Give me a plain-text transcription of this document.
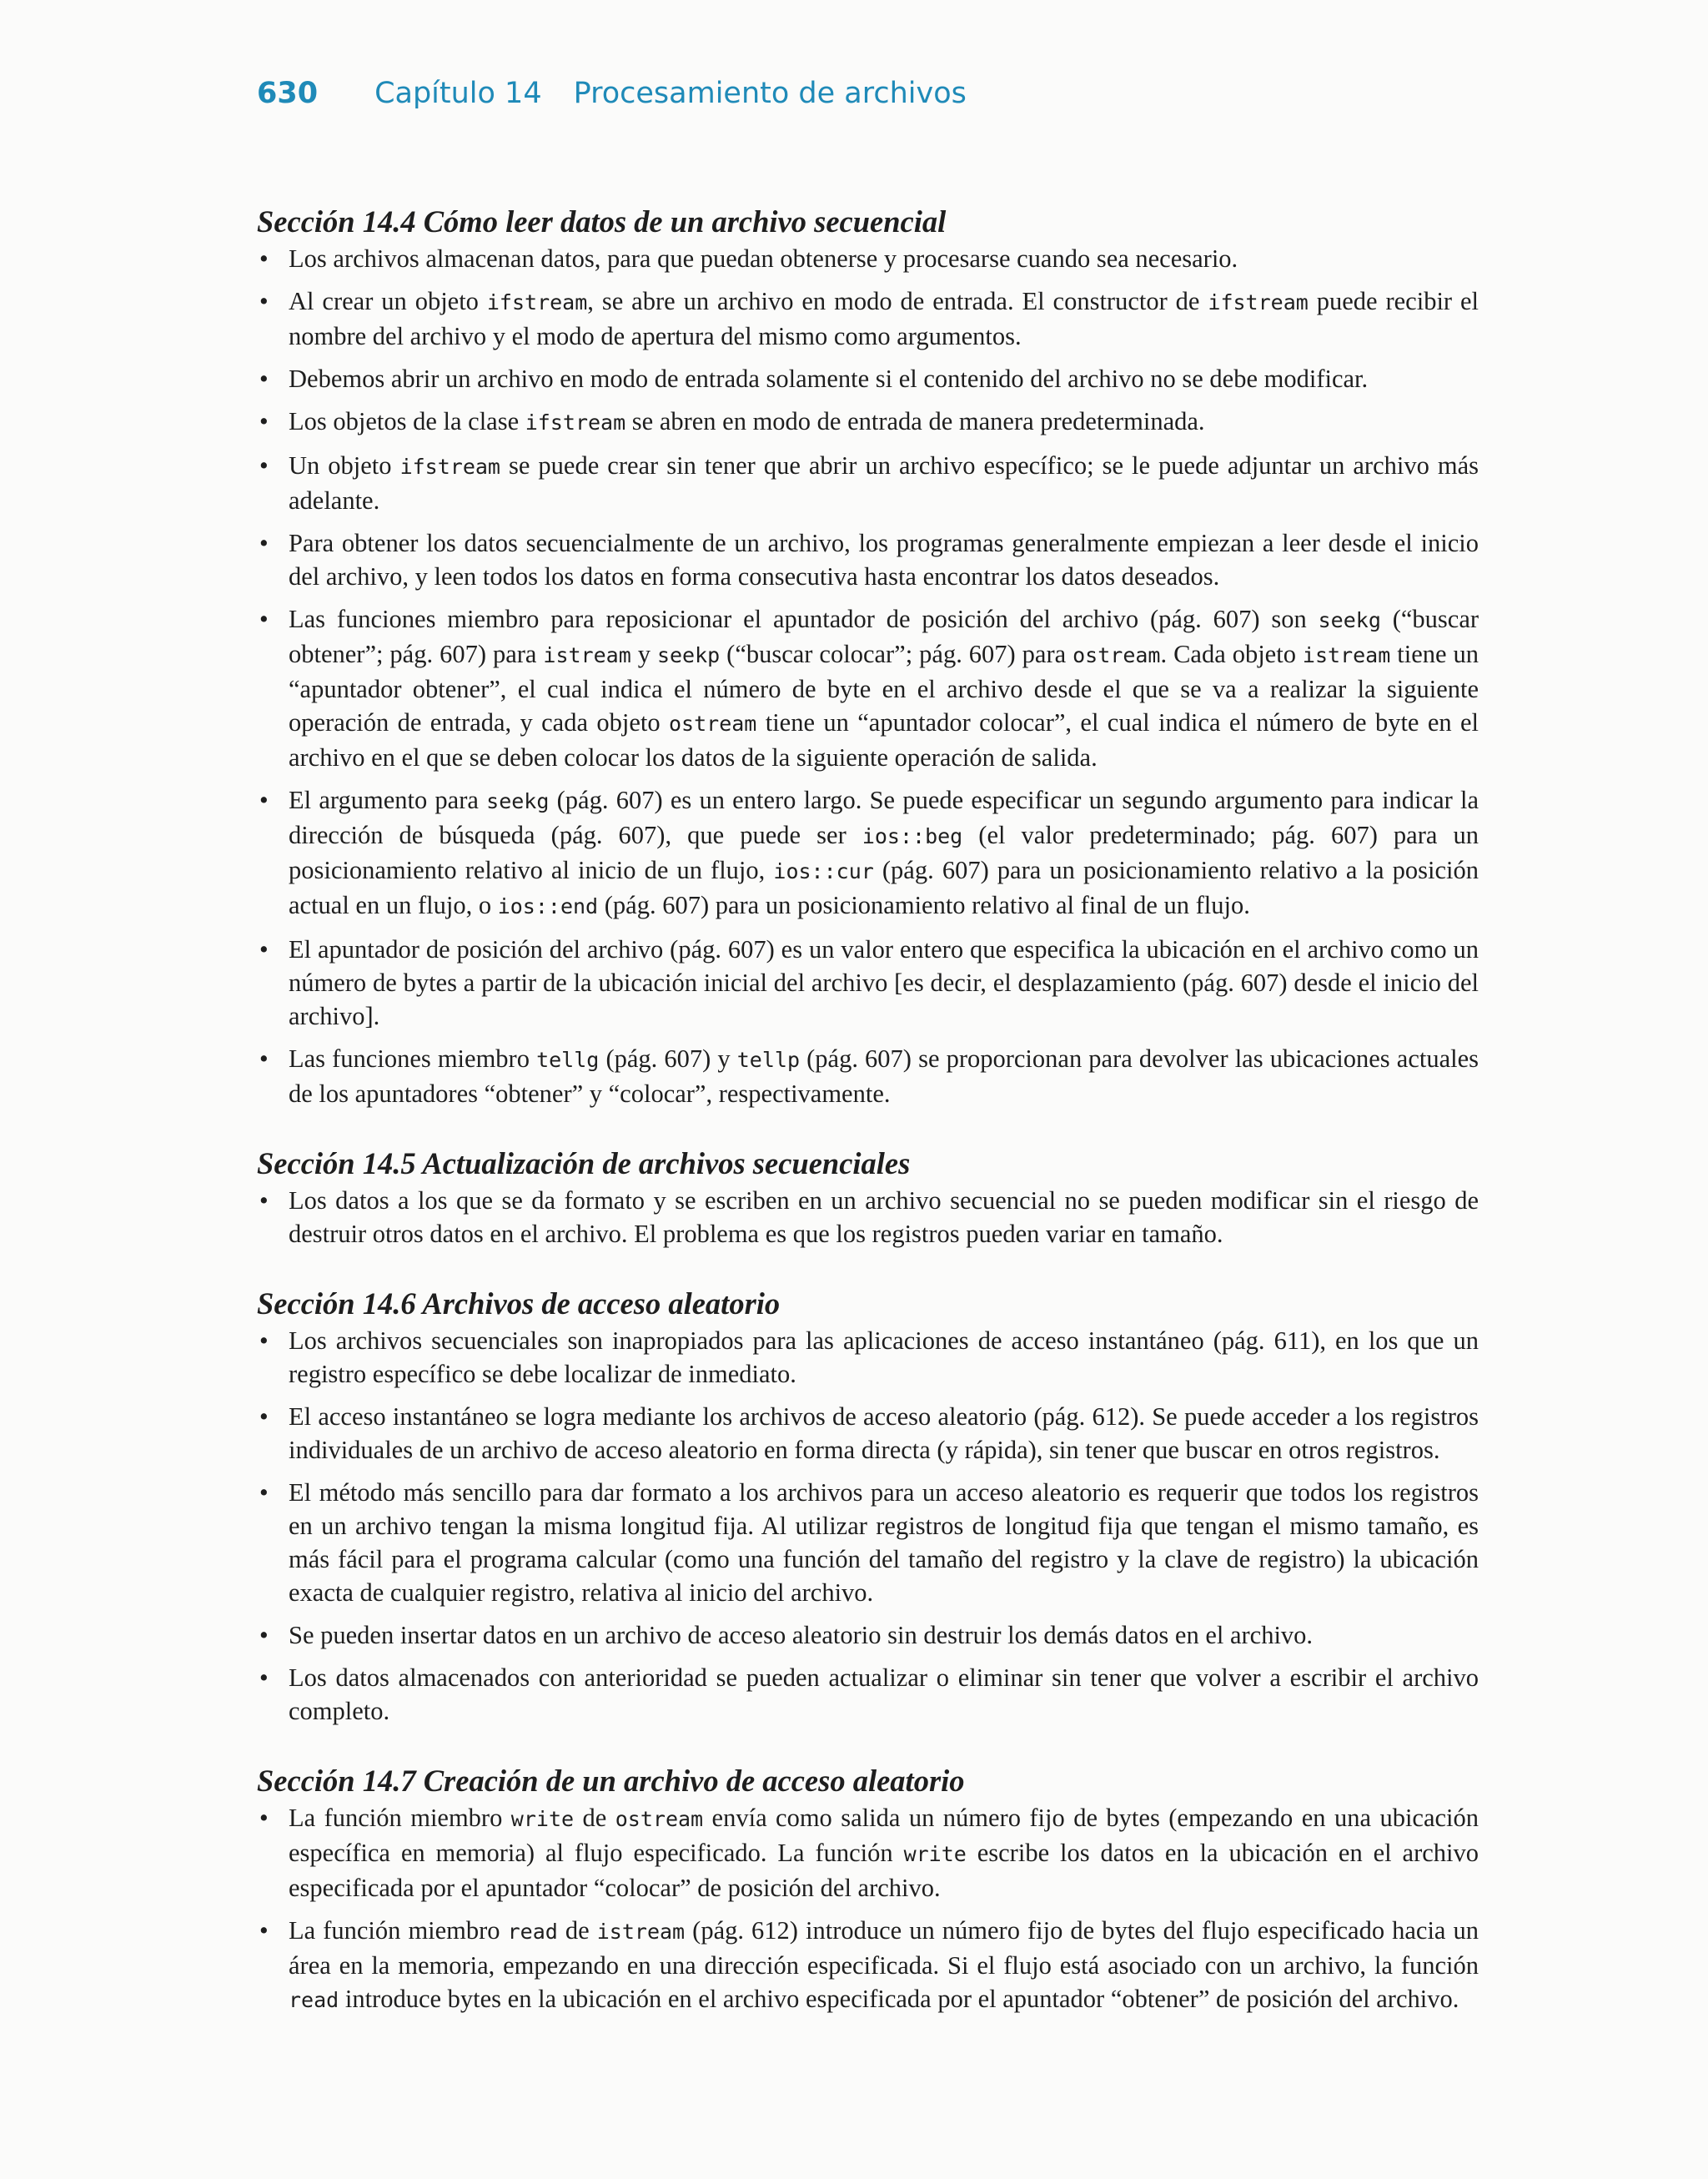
630 Capítulo 14 Procesamiento de archivos
Sección 14.4 Cómo leer datos de un archivo secuencial
• Los archivos almacenan datos, para que puedan obtenerse y procesarse cuando sea necesario.
• Al crear un objeto ifstream, se abre un archivo en modo de entrada. El constructor de ifstream puede recibir el nombre del archivo y el modo de apertura del mismo como argumentos.
• Debemos abrir un archivo en modo de entrada solamente si el contenido del archivo no se debe modificar.
• Los objetos de la clase ifstream se abren en modo de entrada de manera predeterminada.
• Un objeto ifstream se puede crear sin tener que abrir un archivo específico; se le puede adjuntar un archivo más adelante.
• Para obtener los datos secuencialmente de un archivo, los programas generalmente empiezan a leer desde el inicio del archivo, y leen todos los datos en forma consecutiva hasta encontrar los datos deseados.
• Las funciones miembro para reposicionar el apuntador de posición del archivo (pág. 607) son seekg (“buscar obtener”; pág. 607) para istream y seekp (“buscar colocar”; pág. 607) para ostream. Cada objeto istream tiene un “apuntador obtener”, el cual indica el número de byte en el archivo desde el que se va a realizar la siguiente operación de entrada, y cada objeto ostream tiene un “apuntador colocar”, el cual indica el número de byte en el archivo en el que se deben colocar los datos de la siguiente operación de salida.
• El argumento para seekg (pág. 607) es un entero largo. Se puede especificar un segundo argumento para indicar la dirección de búsqueda (pág. 607), que puede ser ios::beg (el valor predeterminado; pág. 607) para un posicionamiento relativo al inicio de un flujo, ios::cur (pág. 607) para un posicionamiento relativo a la posición actual en un flujo, o ios::end (pág. 607) para un posicionamiento relativo al final de un flujo.
• El apuntador de posición del archivo (pág. 607) es un valor entero que especifica la ubicación en el archivo como un número de bytes a partir de la ubicación inicial del archivo [es decir, el desplazamiento (pág. 607) desde el inicio del archivo].
• Las funciones miembro tellg (pág. 607) y tellp (pág. 607) se proporcionan para devolver las ubicaciones actuales de los apuntadores “obtener” y “colocar”, respectivamente.
Sección 14.5 Actualización de archivos secuenciales
• Los datos a los que se da formato y se escriben en un archivo secuencial no se pueden modificar sin el riesgo de destruir otros datos en el archivo. El problema es que los registros pueden variar en tamaño.
Sección 14.6 Archivos de acceso aleatorio
• Los archivos secuenciales son inapropiados para las aplicaciones de acceso instantáneo (pág. 611), en los que un registro específico se debe localizar de inmediato.
• El acceso instantáneo se logra mediante los archivos de acceso aleatorio (pág. 612). Se puede acceder a los registros individuales de un archivo de acceso aleatorio en forma directa (y rápida), sin tener que buscar en otros registros.
• El método más sencillo para dar formato a los archivos para un acceso aleatorio es requerir que todos los registros en un archivo tengan la misma longitud fija. Al utilizar registros de longitud fija que tengan el mismo tamaño, es más fácil para el programa calcular (como una función del tamaño del registro y la clave de registro) la ubicación exacta de cualquier registro, relativa al inicio del archivo.
• Se pueden insertar datos en un archivo de acceso aleatorio sin destruir los demás datos en el archivo.
• Los datos almacenados con anterioridad se pueden actualizar o eliminar sin tener que volver a escribir el archivo completo.
Sección 14.7 Creación de un archivo de acceso aleatorio
• La función miembro write de ostream envía como salida un número fijo de bytes (empezando en una ubicación específica en memoria) al flujo especificado. La función write escribe los datos en la ubicación en el archivo especificada por el apuntador “colocar” de posición del archivo.
• La función miembro read de istream (pág. 612) introduce un número fijo de bytes del flujo especificado hacia un área en la memoria, empezando en una dirección especificada. Si el flujo está asociado con un archivo, la función read introduce bytes en la ubicación en el archivo especificada por el apuntador “obtener” de posición del archivo.
